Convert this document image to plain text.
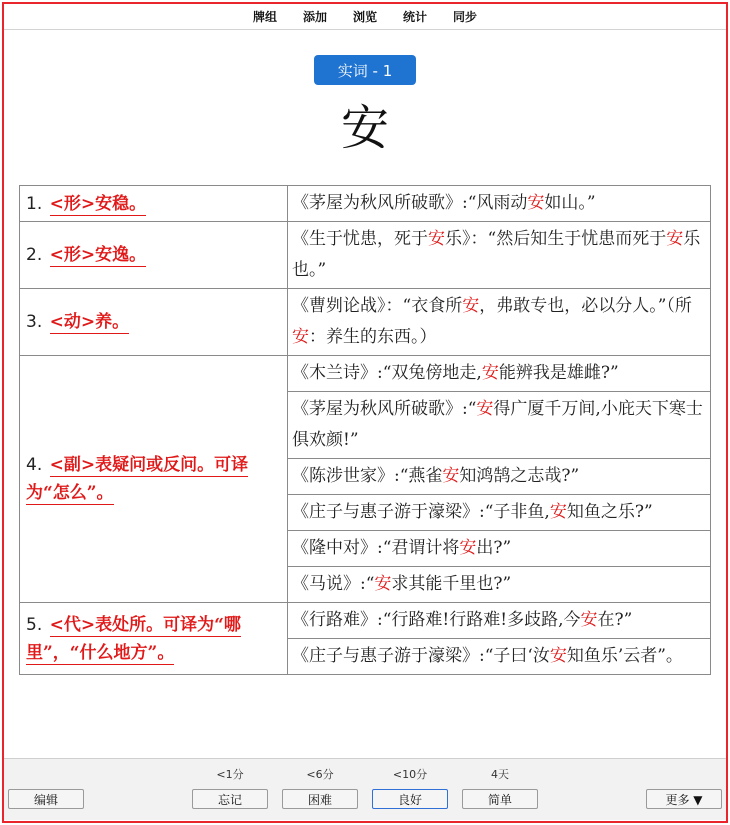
牌组	添加	浏览	统计	同步
实词 - 1
安
1. <形>安稳。	《茅屋为秋风所破歌》:“风雨动安如山。”
2. <形>安逸。	《生于忧患，死于安乐》：“然后知生于忧患而死于安乐也。”
3. <动>养。	《曹刿论战》：“衣食所安，弗敢专也，必以分人。”（所安：养生的东西。）
4. <副>表疑问或反问。可译为“怎么”。	《木兰诗》:“双兔傍地走,安能辨我是雄雌?”
	《茅屋为秋风所破歌》:“安得广厦千万间,小庇天下寒士俱欢颜!”
	《陈涉世家》:“燕雀安知鸿鹄之志哉?”
	《庄子与惠子游于濠梁》:“子非鱼,安知鱼之乐?”
	《隆中对》:“君谓计将安出?”
	《马说》:“安求其能千里也?”
5. <代>表处所。可译为“哪里”，“什么地方”。	《行路难》:“行路难!行路难!多歧路,今安在?”
	《庄子与惠子游于濠梁》:“子曰‘汝安知鱼乐’云者”。
编辑
<1分
忘记
<6分
困难
<10分
良好
4天
简单	更多 ▼
